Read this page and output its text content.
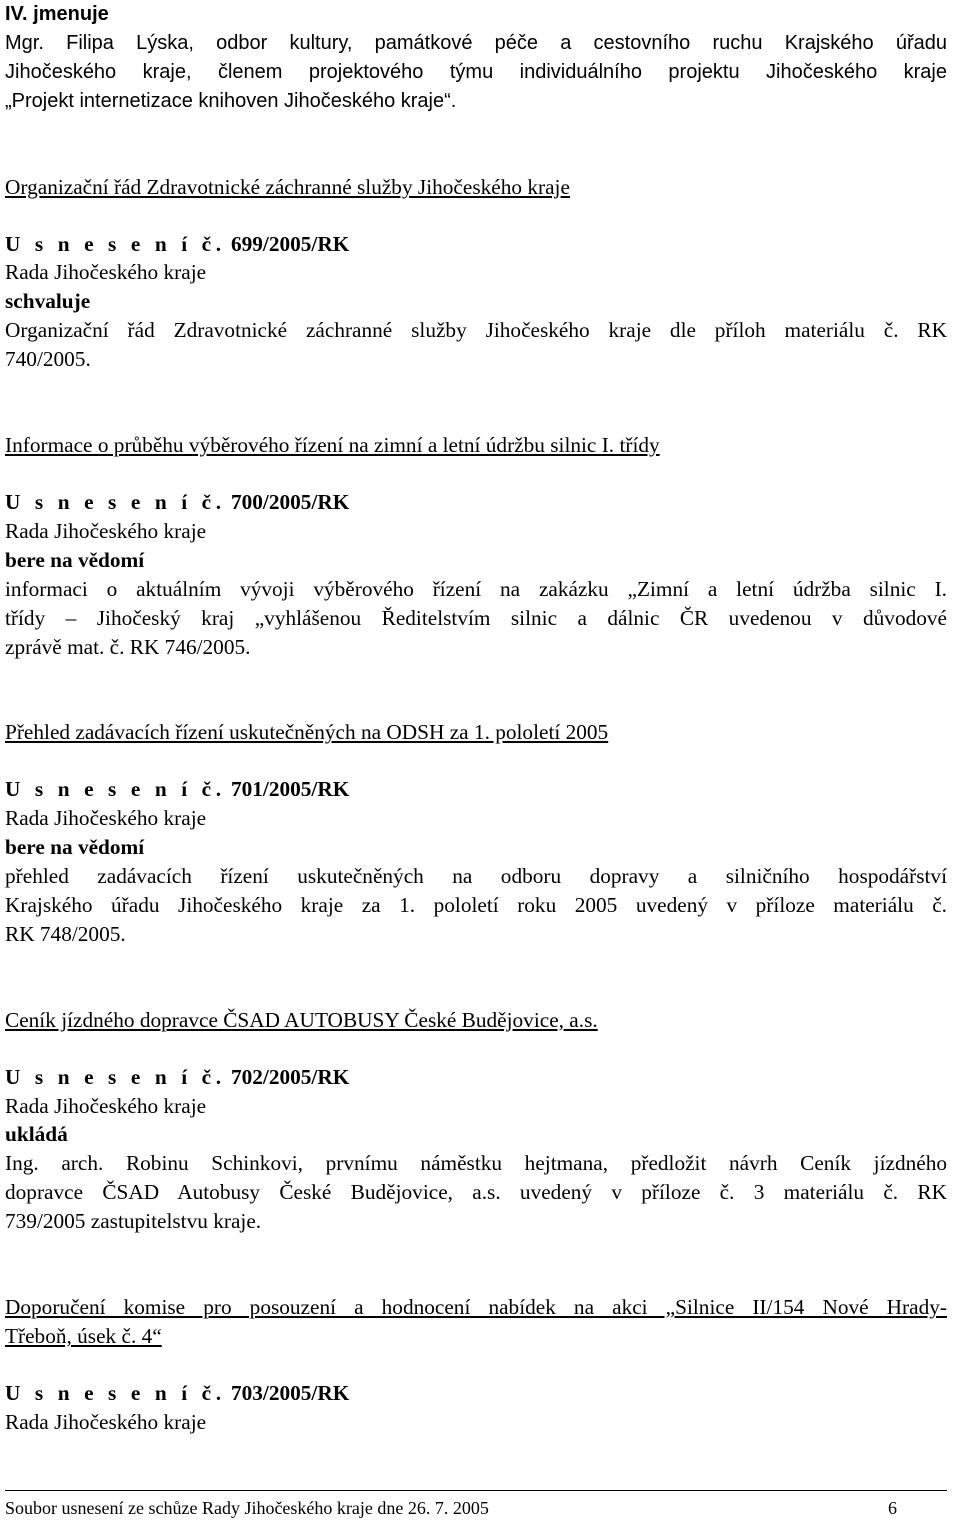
IV. jmenuje

Mgr. Filipa Lýska, odbor kultury, památkové péče a cestovního ruchu Krajského úřadu

Jihočeského kraje, členem projektového týmu individuálního projektu Jihočeského kraje

„Projekt internetizace knihoven Jihočeského kraje“.

Organizační řád Zdravotnické záchranné služby Jihočeského kraje

U s n e s e n í č. 699/2005/RK

Rada Jihočeského kraje

schvaluje

Organizační řád Zdravotnické záchranné služby Jihočeského kraje dle příloh materiálu č. RK

740/2005.

Informace o průběhu výběrového řízení na zimní a letní údržbu silnic I. třídy

U s n e s e n í č. 700/2005/RK

Rada Jihočeského kraje

bere na vědomí

informaci o aktuálním vývoji výběrového řízení na zakázku „Zimní a letní údržba silnic I.

třídy – Jihočeský kraj „vyhlášenou Ředitelstvím silnic a dálnic ČR uvedenou v důvodové

zprávě mat. č. RK 746/2005.

Přehled zadávacích řízení uskutečněných na ODSH za 1. pololetí 2005

U s n e s e n í č. 701/2005/RK

Rada Jihočeského kraje

bere na vědomí

přehled zadávacích řízení uskutečněných na odboru dopravy a silničního hospodářství

Krajského úřadu Jihočeského kraje za 1. pololetí roku 2005 uvedený v příloze materiálu č.

RK 748/2005.

Ceník jízdného dopravce ČSAD AUTOBUSY České Budějovice, a.s.

U s n e s e n í č. 702/2005/RK

Rada Jihočeského kraje

ukládá

Ing. arch. Robinu Schinkovi, prvnímu náměstku hejtmana, předložit návrh Ceník jízdného

dopravce ČSAD Autobusy České Budějovice, a.s. uvedený v příloze č. 3 materiálu č. RK

739/2005 zastupitelstvu kraje.

Doporučení komise pro posouzení a hodnocení nabídek na akci „Silnice II/154 Nové Hrady-

Třeboň, úsek č. 4“

U s n e s e n í č. 703/2005/RK

Rada Jihočeského kraje

Soubor usnesení ze schůze Rady Jihočeského kraje dne 26. 7. 2005	6
